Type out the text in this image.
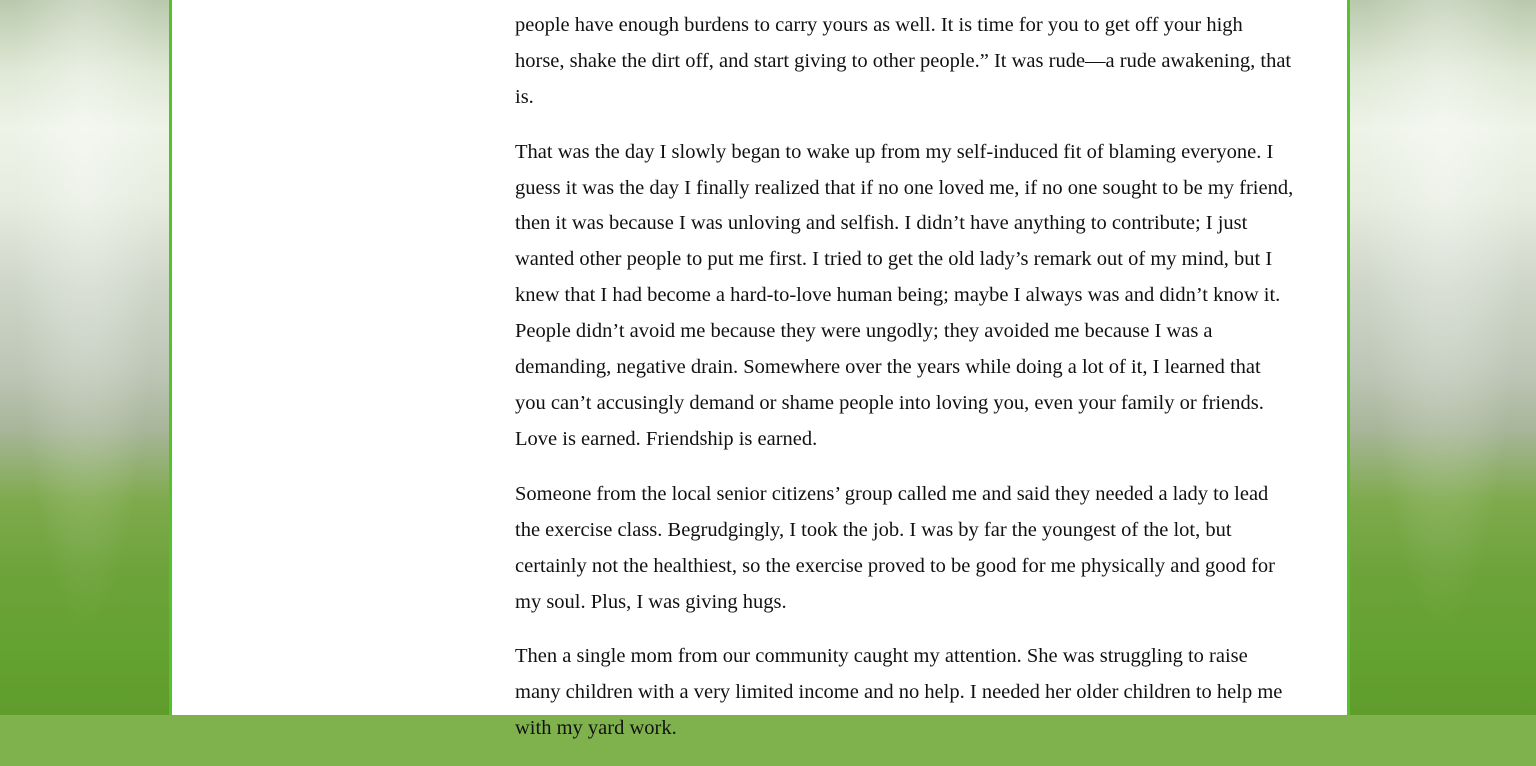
people have enough burdens to carry yours as well. It is time for you to get off your high horse, shake the dirt off, and start giving to other people.” It was rude—a rude awakening, that is.

That was the day I slowly began to wake up from my self-induced fit of blaming everyone. I guess it was the day I finally realized that if no one loved me, if no one sought to be my friend, then it was because I was unloving and selfish. I didn’t have anything to contribute; I just wanted other people to put me first. I tried to get the old lady’s remark out of my mind, but I knew that I had become a hard-to-love human being; maybe I always was and didn’t know it. People didn’t avoid me because they were ungodly; they avoided me because I was a demanding, negative drain. Somewhere over the years while doing a lot of it, I learned that you can’t accusingly demand or shame people into loving you, even your family or friends. Love is earned. Friendship is earned.

Someone from the local senior citizens’ group called me and said they needed a lady to lead the exercise class. Begrudgingly, I took the job. I was by far the youngest of the lot, but certainly not the healthiest, so the exercise proved to be good for me physically and good for my soul. Plus, I was giving hugs.

Then a single mom from our community caught my attention. She was struggling to raise many children with a very limited income and no help. I needed her older children to help me with my yard work.
